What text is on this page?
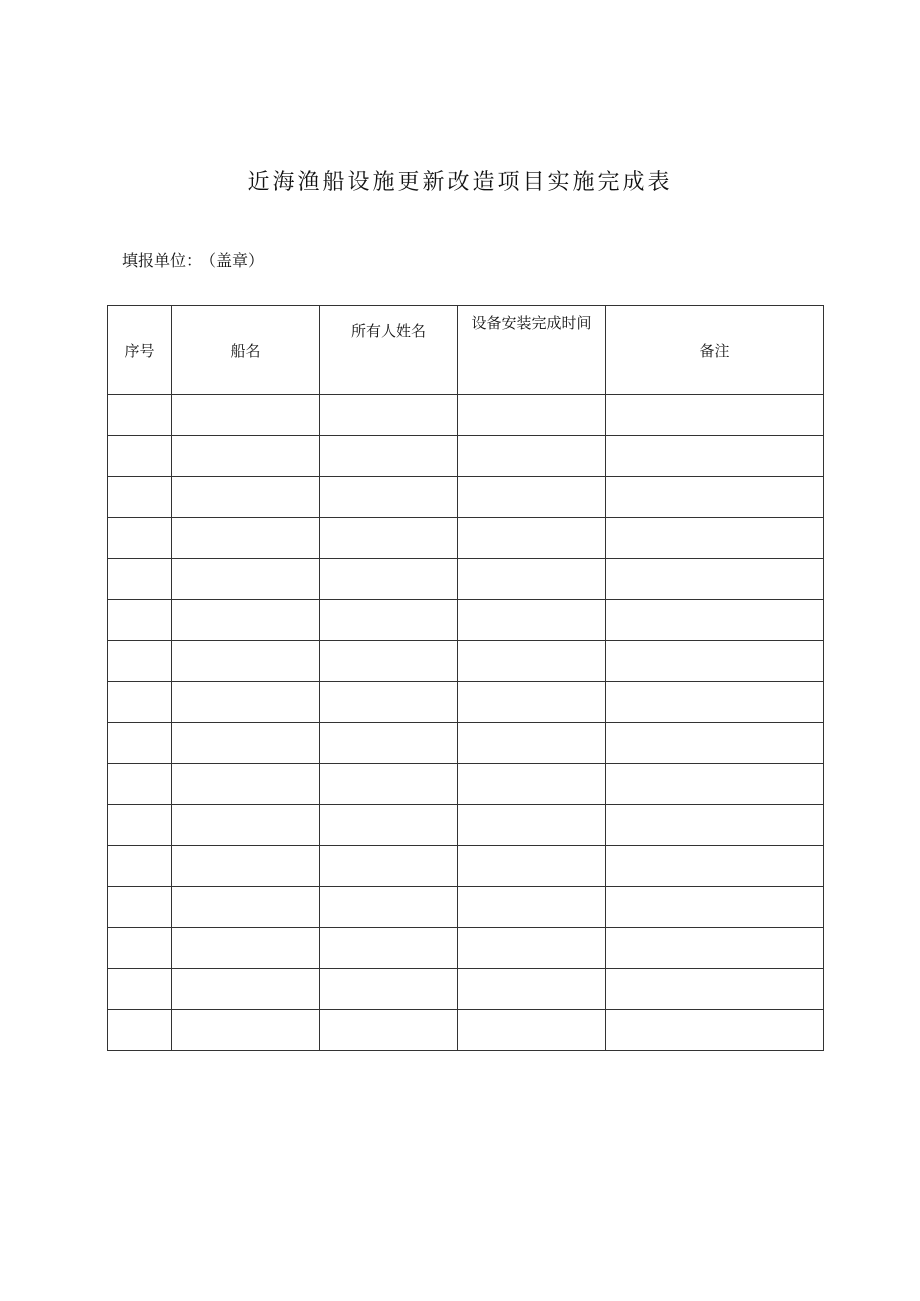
近海渔船设施更新改造项目实施完成表
填报单位： （盖章）
序号	船名	所有人姓名	设备安装完成时间	备注
